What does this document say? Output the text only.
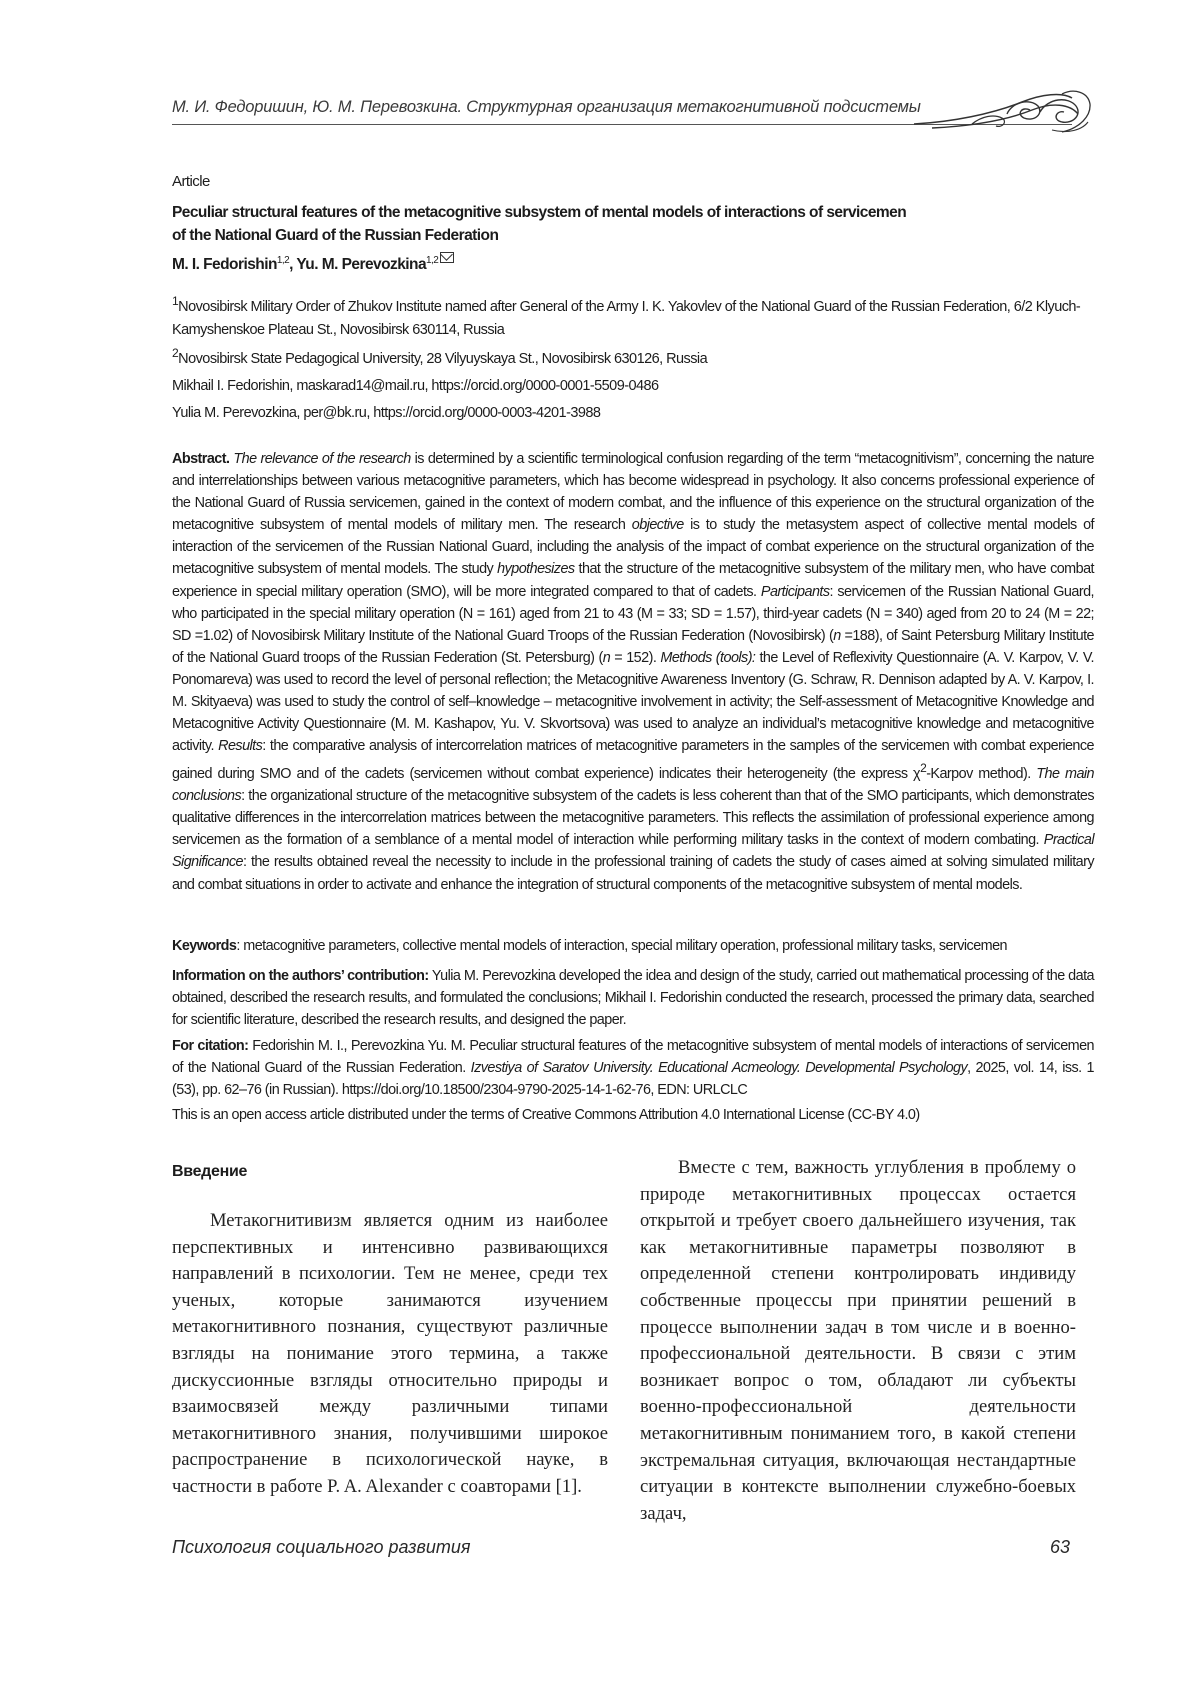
М. И. Федоришин, Ю. М. Перевозкина. Структурная организация метакогнитивной подсистемы
Article
Peculiar structural features of the metacognitive subsystem of mental models of interactions of servicemen
of the National Guard of the Russian Federation
M. I. Fedorishin1,2, Yu. M. Perevozkina1,2
1Novosibirsk Military Order of Zhukov Institute named after General of the Army I. K. Yakovlev of the National Guard of the Russian Federation, 6/2 Klyuch-Kamyshenskoe Plateau St., Novosibirsk 630114, Russia
2Novosibirsk State Pedagogical University, 28 Vilyuyskaya St., Novosibirsk 630126, Russia
Mikhail I. Fedorishin, maskarad14@mail.ru, https://orcid.org/0000-0001-5509-0486
Yulia M. Perevozkina, per@bk.ru, https://orcid.org/0000-0003-4201-3988
Abstract. The relevance of the research is determined by a scientific terminological confusion regarding of the term “metacognitivism”, concerning the nature and interrelationships between various metacognitive parameters, which has become widespread in psychology. It also concerns professional experience of the National Guard of Russia servicemen, gained in the context of modern combat, and the influence of this experience on the structural organization of the metacognitive subsystem of mental models of military men. The research objective is to study the metasystem aspect of collective mental models of interaction of the servicemen of the Russian National Guard, including the analysis of the impact of combat experience on the structural organization of the metacognitive subsystem of mental models. The study hypothesizes that the structure of the metacognitive subsystem of the military men, who have combat experience in special military operation (SMO), will be more integrated compared to that of cadets. Participants: servicemen of the Russian National Guard, who participated in the special military operation (N = 161) aged from 21 to 43 (M = 33; SD = 1.57), third-year cadets (N = 340) aged from 20 to 24 (M = 22; SD =1.02) of Novosibirsk Military Institute of the National Guard Troops of the Russian Federation (Novosibirsk) (n =188), of Saint Petersburg Military Institute of the National Guard troops of the Russian Federation (St. Petersburg) (n = 152). Methods (tools): the Level of Reflexivity Questionnaire (A. V. Karpov, V. V. Ponomareva) was used to record the level of personal reflection; the Metacognitive Awareness Inventory (G. Schraw, R. Dennison adapted by A. V. Karpov, I. M. Skityaeva) was used to study the control of self–knowledge – metacognitive involvement in activity; the Self-assessment of Metacognitive Knowledge and Metacognitive Activity Questionnaire (M. M. Kashapov, Yu. V. Skvortsova) was used to analyze an individual’s metacognitive knowledge and metacognitive activity. Results: the comparative analysis of intercorrelation matrices of metacognitive parameters in the samples of the servicemen with combat experience gained during SMO and of the cadets (servicemen without combat experience) indicates their heterogeneity (the express χ2-Karpov method). The main conclusions: the organizational structure of the metacognitive subsystem of the cadets is less coherent than that of the SMO participants, which demonstrates qualitative differences in the intercorrelation matrices between the metacognitive parameters. This reflects the assimilation of professional experience among servicemen as the formation of a semblance of a mental model of interaction while performing military tasks in the context of modern combating. Practical Significance: the results obtained reveal the necessity to include in the professional training of cadets the study of cases aimed at solving simulated military and combat situations in order to activate and enhance the integration of structural components of the metacognitive subsystem of mental models.
Keywords: metacognitive parameters, collective mental models of interaction, special military operation, professional military tasks, servicemen
Information on the authors’ contribution: Yulia M. Perevozkina developed the idea and design of the study, carried out mathematical processing of the data obtained, described the research results, and formulated the conclusions; Mikhail I. Fedorishin conducted the research, processed the primary data, searched for scientific literature, described the research results, and designed the paper.
For citation: Fedorishin M. I., Perevozkina Yu. M. Peculiar structural features of the metacognitive subsystem of mental models of interactions of servicemen of the National Guard of the Russian Federation. Izvestiya of Saratov University. Educational Acmeology. Developmental Psychology, 2025, vol. 14, iss. 1 (53), pp. 62–76 (in Russian). https://doi.org/10.18500/2304-9790-2025-14-1-62-76, EDN: URLCLC
This is an open access article distributed under the terms of Creative Commons Attribution 4.0 International License (CC-BY 4.0)
Введение

Метакогнитивизм является одним из наиболее перспективных и интенсивно развивающихся направлений в психологии. Тем не менее, среди тех ученых, которые занимаются изучением метакогнитивного познания, существуют различные взгляды на понимание этого термина, а также дискуссионные взгляды относительно природы и взаимосвязей между различными типами метакогнитивного знания, получившими широкое распространение в психологической науке, в частности в работе P. A. Alexander с соавторами [1].

Вместе с тем, важность углубления в проблему о природе метакогнитивных процессах остается открытой и требует своего дальнейшего изучения, так как метакогнитивные параметры позволяют в определенной степени контролировать индивиду собственные процессы при принятии решений в процессе выполнении задач в том числе и в военно-профессиональной деятельности. В связи с этим возникает вопрос о том, обладают ли субъекты военно-профессиональной деятельности метакогнитивным пониманием того, в какой степени экстремальная ситуация, включающая нестандартные ситуации в контексте выполнении служебно-боевых задач,

Психология социального развития	63
